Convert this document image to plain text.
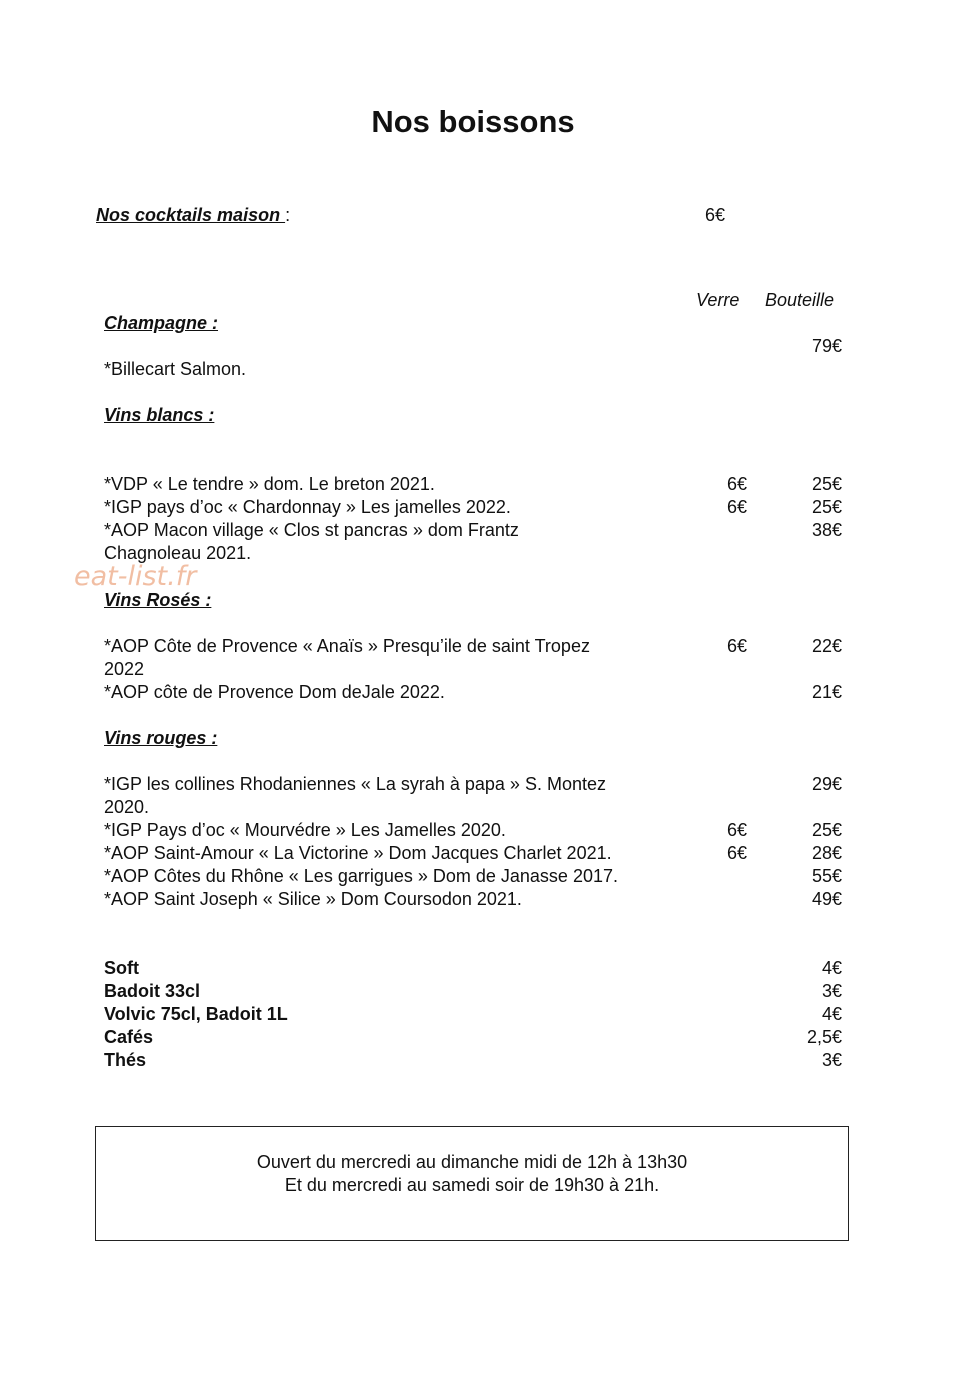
Nos boissons
Nos cocktails maison :	6€
Verre Bouteille
Champagne :
79€
*Billecart Salmon.
Vins blancs :
*VDP « Le tendre » dom. Le breton 2021.	6€	25€
*IGP pays d’oc « Chardonnay » Les jamelles 2022.	6€	25€
*AOP Macon village « Clos st pancras » dom Frantz	38€
Chagnoleau 2021.
eat-list.fr
Vins Rosés :
*AOP Côte de Provence « Anaïs » Presqu’ile de saint Tropez	6€	22€
2022
*AOP côte de Provence Dom deJale 2022.	21€
Vins rouges :
*IGP les collines Rhodaniennes « La syrah à papa » S. Montez	29€
2020.
*IGP Pays d’oc « Mourvédre » Les Jamelles 2020.	6€	25€
*AOP Saint-Amour « La Victorine » Dom Jacques Charlet 2021.	6€	28€
*AOP Côtes du Rhône « Les garrigues » Dom de Janasse 2017.	55€
*AOP Saint Joseph « Silice » Dom Coursodon 2021.	49€
Soft	4€
Badoit 33cl	3€
Volvic 75cl, Badoit 1L	4€
Cafés	2,5€
Thés	3€
Ouvert du mercredi au dimanche midi de 12h à 13h30
Et du mercredi au samedi soir de 19h30 à 21h.
